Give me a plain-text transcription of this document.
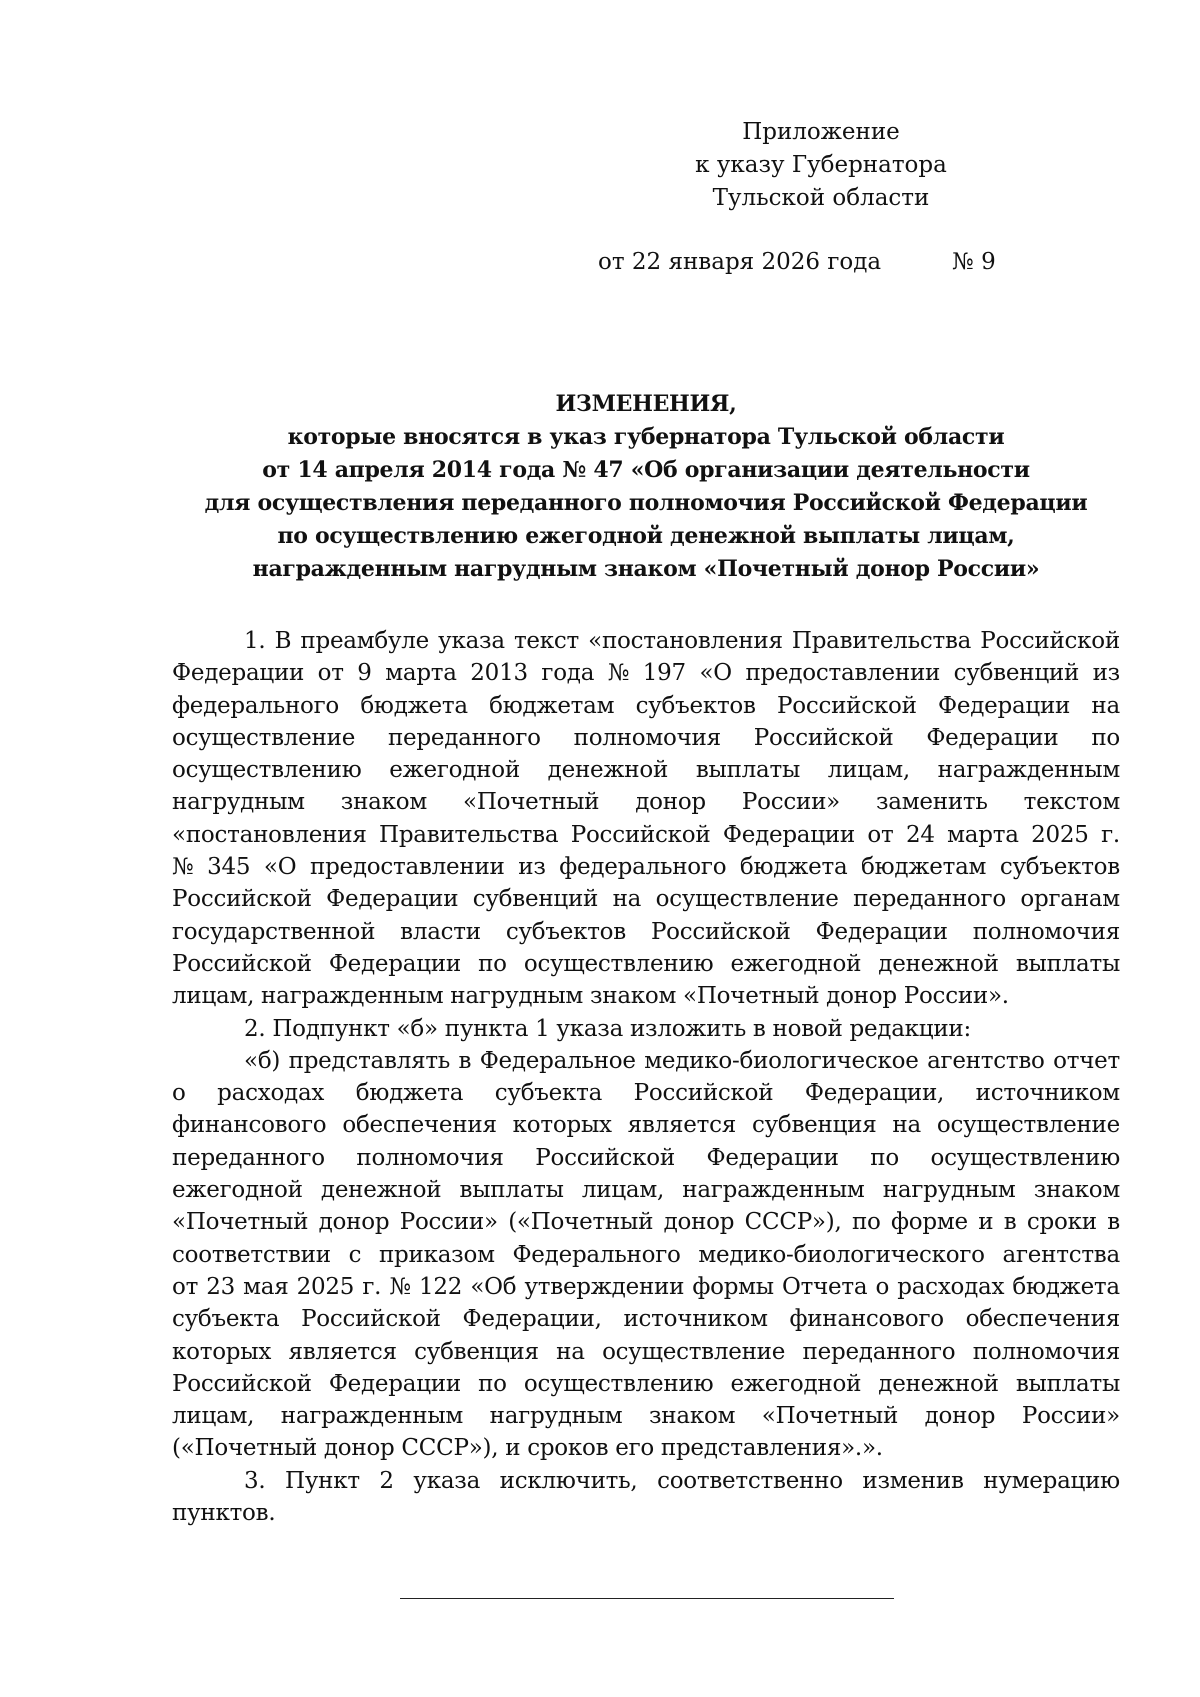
Приложение
к указу Губернатора
Тульской области
от 22 января 2026 года	№ 9
ИЗМЕНЕНИЯ,
которые вносятся в указ губернатора Тульской области
от 14 апреля 2014 года № 47 «Об организации деятельности
для осуществления переданного полномочия Российской Федерации
по осуществлению ежегодной денежной выплаты лицам,
награжденным нагрудным знаком «Почетный донор России»
1. В преамбуле указа текст «постановления Правительства Российской
Федерации от 9 марта 2013 года № 197 «О предоставлении субвенций из
федерального бюджета бюджетам субъектов Российской Федерации на
осуществление переданного полномочия Российской Федерации по
осуществлению ежегодной денежной выплаты лицам, награжденным
нагрудным знаком «Почетный донор России» заменить текстом
«постановления Правительства Российской Федерации от 24 марта 2025 г.
№ 345 «О предоставлении из федерального бюджета бюджетам субъектов
Российской Федерации субвенций на осуществление переданного органам
государственной власти субъектов Российской Федерации полномочия
Российской Федерации по осуществлению ежегодной денежной выплаты
лицам, награжденным нагрудным знаком «Почетный донор России».
2. Подпункт «б» пункта 1 указа изложить в новой редакции:
«б) представлять в Федеральное медико-биологическое агентство отчет
о расходах бюджета субъекта Российской Федерации, источником
финансового обеспечения которых является субвенция на осуществление
переданного полномочия Российской Федерации по осуществлению
ежегодной денежной выплаты лицам, награжденным нагрудным знаком
«Почетный донор России» («Почетный донор СССР»), по форме и в сроки в
соответствии с приказом Федерального медико-биологического агентства
от 23 мая 2025 г. № 122 «Об утверждении формы Отчета о расходах бюджета
субъекта Российской Федерации, источником финансового обеспечения
которых является субвенция на осуществление переданного полномочия
Российской Федерации по осуществлению ежегодной денежной выплаты
лицам, награжденным нагрудным знаком «Почетный донор России»
(«Почетный донор СССР»), и сроков его представления».».
3. Пункт 2 указа исключить, соответственно изменив нумерацию
пунктов.
